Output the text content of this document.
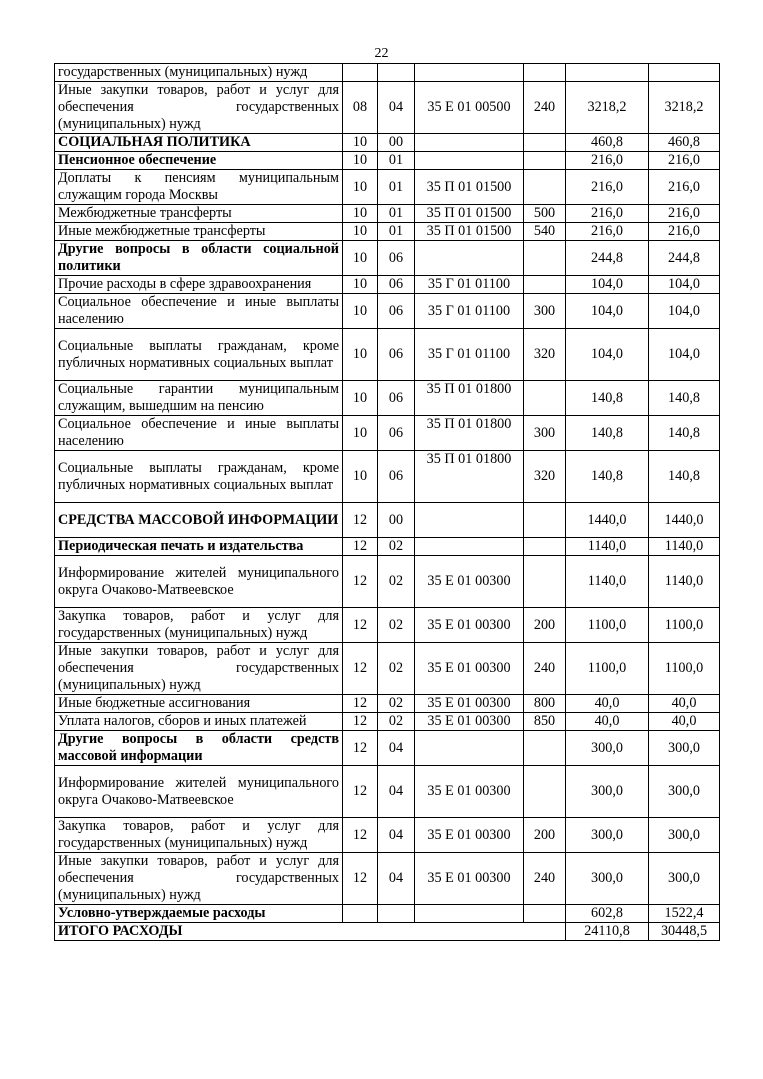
22
государственных (муниципальных) нужд						
Иные закупки товаров, работ и услуг для обеспечения государственных (муниципальных) нужд	08	04	35 Е 01 00500	240	3218,2	3218,2
СОЦИАЛЬНАЯ ПОЛИТИКА	10	00			460,8	460,8
Пенсионное обеспечение	10	01			216,0	216,0
Доплаты к пенсиям муниципальным служащим города Москвы	10	01	35 П 01 01500		216,0	216,0
Межбюджетные трансферты	10	01	35 П 01 01500	500	216,0	216,0
Иные межбюджетные трансферты	10	01	35 П 01 01500	540	216,0	216,0
Другие вопросы в области социальной политики	10	06			244,8	244,8
Прочие расходы в сфере здравоохранения	10	06	35 Г 01 01100		104,0	104,0
Социальное обеспечение и иные выплаты населению	10	06	35 Г 01 01100	300	104,0	104,0
Социальные выплаты гражданам, кроме публичных нормативных социальных выплат	10	06	35 Г 01 01100	320	104,0	104,0
Социальные гарантии муниципальным служащим, вышедшим на пенсию	10	06	35 П 01 01800		140,8	140,8
Социальное обеспечение и иные выплаты населению	10	06	35 П 01 01800	300	140,8	140,8
Социальные выплаты гражданам, кроме публичных нормативных социальных выплат	10	06	35 П 01 01800	320	140,8	140,8
СРЕДСТВА МАССОВОЙ ИНФОРМАЦИИ	12	00			1440,0	1440,0
Периодическая печать и издательства	12	02			1140,0	1140,0
Информирование жителей муниципального округа Очаково-Матвеевское	12	02	35 Е 01 00300		1140,0	1140,0
Закупка товаров, работ и услуг для государственных (муниципальных) нужд	12	02	35 Е 01 00300	200	1100,0	1100,0
Иные закупки товаров, работ и услуг для обеспечения государственных (муниципальных) нужд	12	02	35 Е 01 00300	240	1100,0	1100,0
Иные бюджетные ассигнования	12	02	35 Е 01 00300	800	40,0	40,0
Уплата налогов, сборов и иных платежей	12	02	35 Е 01 00300	850	40,0	40,0
Другие вопросы в области средств массовой информации	12	04			300,0	300,0
Информирование жителей муниципального округа Очаково-Матвеевское	12	04	35 Е 01 00300		300,0	300,0
Закупка товаров, работ и услуг для государственных (муниципальных) нужд	12	04	35 Е 01 00300	200	300,0	300,0
Иные закупки товаров, работ и услуг для обеспечения государственных (муниципальных) нужд	12	04	35 Е 01 00300	240	300,0	300,0
Условно-утверждаемые расходы					602,8	1522,4
ИТОГО РАСХОДЫ					24110,8	30448,5
